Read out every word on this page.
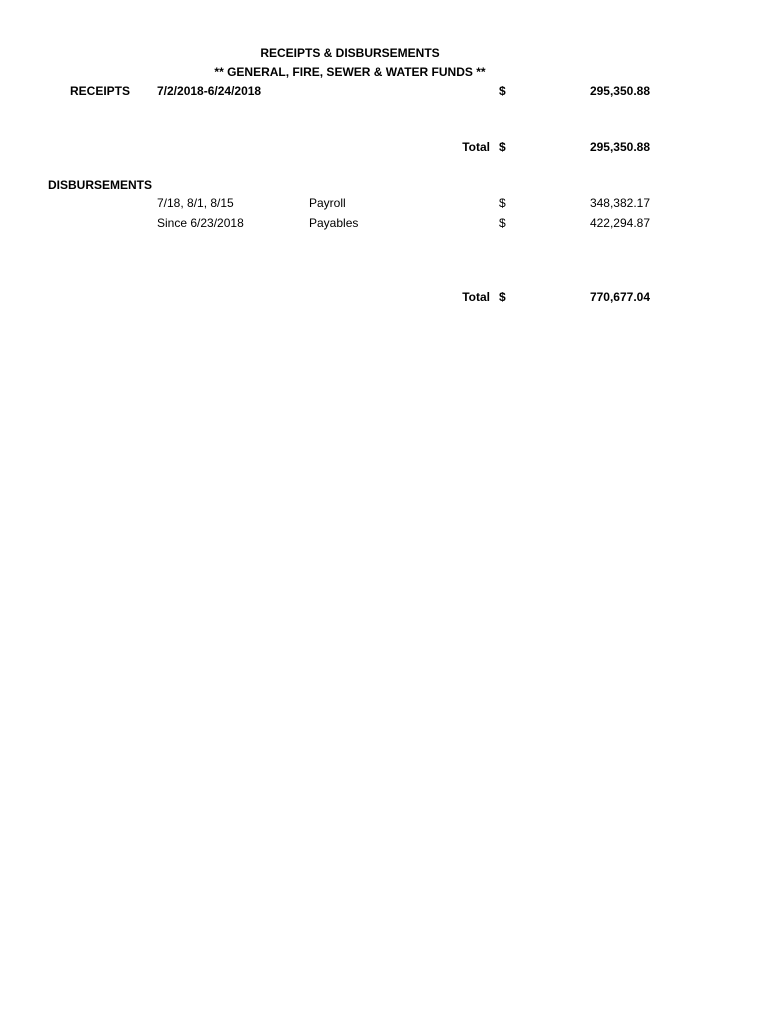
RECEIPTS & DISBURSEMENTS
** GENERAL, FIRE, SEWER & WATER FUNDS **
RECEIPTS 7/2/2018-6/24/2018	$	295,350.88
Total $	295,350.88
DISBURSEMENTS
7/18, 8/1, 8/15	Payroll	$	348,382.17
Since 6/23/2018	Payables	$	422,294.87
Total $	770,677.04
